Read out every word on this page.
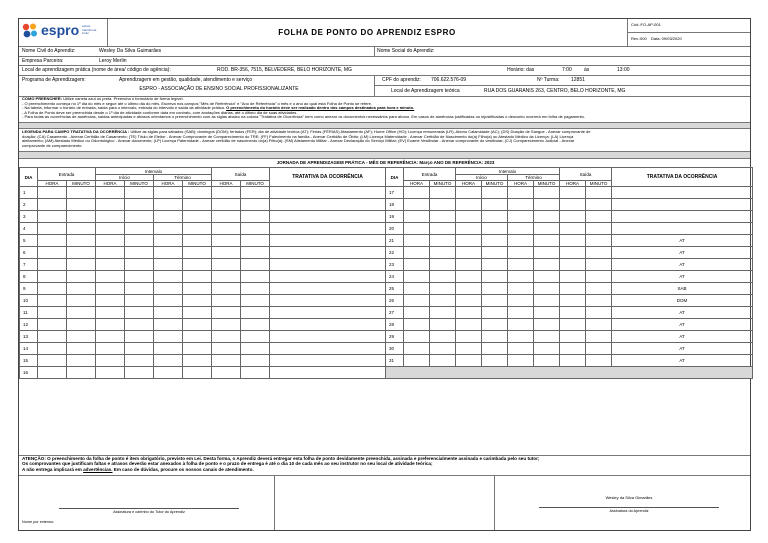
espro educa transforma inclui	FOLHA DE PONTO DO APRENDIZ ESPRO
Cód.:FO-AP-001
Rev.:000 Data: 09/03/2020
Nome Civil do Aprendiz:	Wesley Da Silva Guimarães	Nome Social do Aprendiz:
Empresa Parceira:	Leroy Merlin
Local de aprendizagem prática (nome de área/ código de agência):	ROD. BR-356, 7515, BELVEDERE, BELO HORIZONTE, MG	Horário: das	7:00 às	13:00
Programa de Aprendizagem:	Aprendizagem em gestão, qualidade, atendimento e serviço	CPF do aprendiz: 706.622.576-09	Nº Turma: 12851
ESPRO - ASSOCIAÇÃO DE ENSINO SOCIAL PROFISSIONALIZANTE	Local de Aprendizagem teórica	RUA DOS GUARANIS 263, CENTRO, BELO HORIZONTE, MG
COMO PREENCHER: Utilize caneta azul ou preta. Preencha o formulário de forma legível.
- O preenchimento começa no 1º dia do mês e segue até o último dia do mês. Escreva nos campos "Mês de Referência" e "Ano de Referência" o mês e o ano ao qual esta Folha de Ponto se refere.
- Na tabela, informar o horário de entrada, saída para o intervalo, entrada do intervalo e saída da atividade prática. O preenchimento do horário deve ser realizado dentro dos campos destinados para hora e minuto.
- A Folha de Ponto deve ser preenchida desde o 1º dia de atividade conforme data em contrato, com anotações diárias, até o último dia de suas atividades.
- Para todas as ocorrências de ausências, saídas antecipadas e atrasos orientamos o preenchimento com as siglas abaixo na coluna "Tratativa de Ocorrência" bem como anexar os documentos necessários para abono. Em casos de ausências justificadas ou injustificadas o desconto ocorrerá em folha de pagamento.
LEGENDA PARA CAMPO TRATATIVA DA OCORRÊNCIA : Utilize as siglas para sábados (SAB); domingos (DOM); feriados (FER); dia de atividade teórica (AT); Férias (FÉRIAS) Afastamento (AF); Home Office (HO); Licença remunerada (LR); Abono Calamidade (AC); (DS) Doação de Sangue - Anexar comprovante de
doação; (CA) Casamento - Anexar Certidão de Casamento; (TE) Título de Eleitor - Anexar Comprovante de Comparecimento do TRE; (FF) Falecimento na família - Anexar Certidão de Óbito; (LM) Licença Maternidade - Anexar Certidão de Nascimento do(a) Filho(a) ou Atestado Médico da Licença; (LA) Licença
aleitamento; (AM) Atestado Médico ou Odontológico - Anexar documento; (LP) Licença Paternidade - Anexar certidão de nascimento do(a) Filho(a); (SM) Alistamento Militar - Anexar Declaração do Serviço Militar; (EV) Exame Vestibular - Anexar comprovante do vestibular; (CJ) Comparecimento Judicial - Anexar
comprovante de comparecimento.
JORNADA DE APRENDIZAGEM PRÁTICA - MÊS DE REFERÊNCIA: Março ANO DE REFERÊNCIA: 2023
DIA	Entrada		Intervalo				Saída		TRATATIVA DA OCORRÊNCIA
			Início		Término				
	HORA	MINUTO	HORA	MINUTO	HORA	MINUTO	HORA	MINUTO	
1									
2									
3									
4									
5									
6									
7									
8									
9									
10									
11									
12									
13									
14									
15									
16									
DIA	Entrada		Intervalo				Saída		TRATATIVA DA OCORRÊNCIA
			Início		Término				
	HORA	MINUTO	HORA	MINUTO	HORA	MINUTO	HORA	MINUTO	
17									
18									
19									
20									
21									AT
22									AT
23									AT
24									AT
25									SAB
26									DOM
27									AT
28									AT
29									AT
30									AT
31									AT

ATENÇÃO: O preenchimento da folha de ponto é item obrigatório, previsto em Lei. Desta forma, o Aprendiz deverá entregar esta folha de ponto devidamente preenchida, assinada e preferencialmente assinada e carimbada pelo seu tutor;
Os comprovantes que justificam faltas e atrasos deverão estar anexados à folha de ponto e o prazo de entrega é até o dia 10 de cada mês ao seu instrutor no seu local de atividade teórica;
A não entrega implicará em advertências. Em caso de dúvidas, procure os nossos canais de atendimento.
Assinatura e carimbo do Tutor do Aprendiz
Nome por extenso:
Wesley da Silva Gimarães
Assinatura do Aprendiz
